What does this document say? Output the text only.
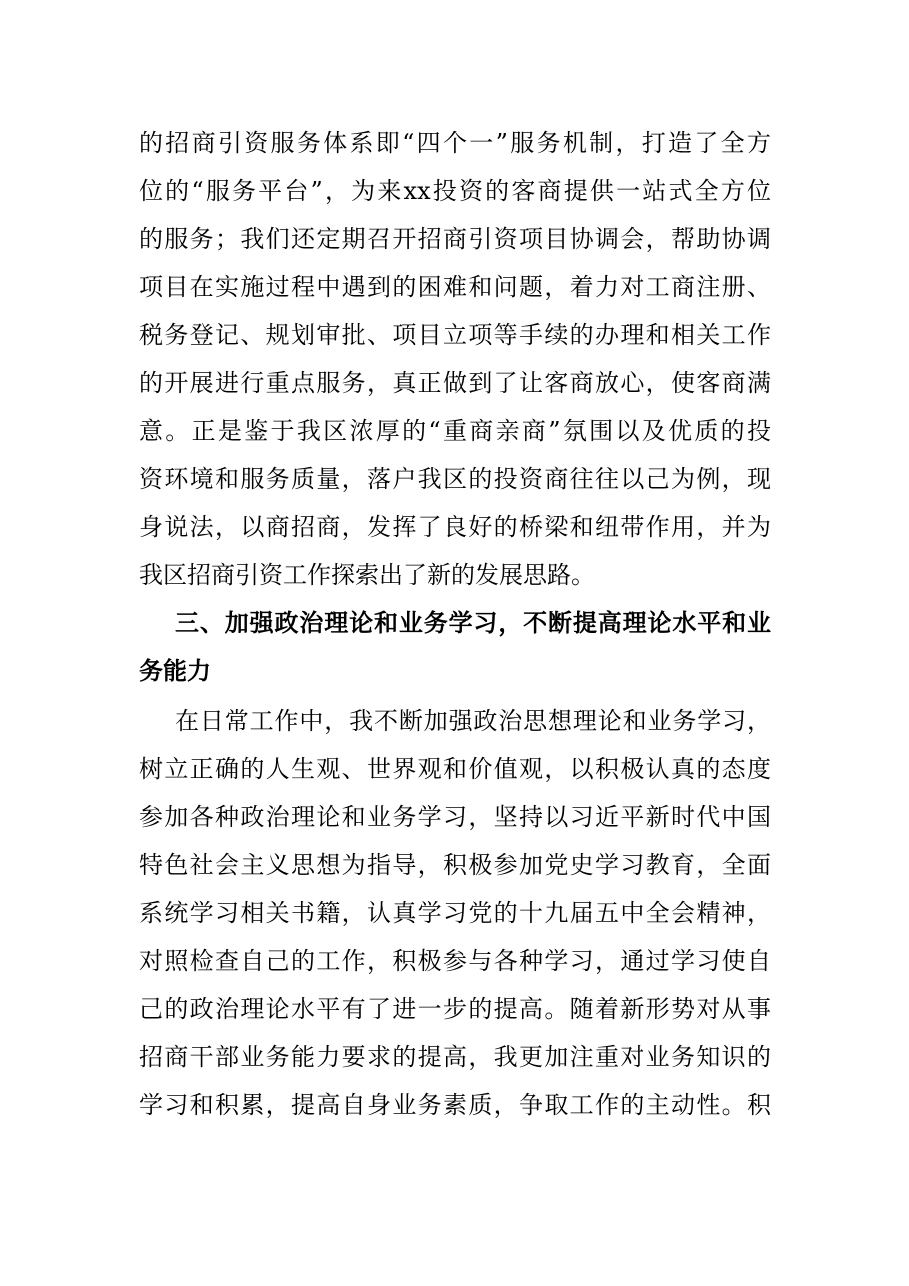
的招商引资服务体系即“四个一”服务机制，打造了全方
位的“服务平台”，为来xx投资的客商提供一站式全方位
的服务；我们还定期召开招商引资项目协调会，帮助协调
项目在实施过程中遇到的困难和问题，着力对工商注册、
税务登记、规划审批、项目立项等手续的办理和相关工作
的开展进行重点服务，真正做到了让客商放心，使客商满
意。正是鉴于我区浓厚的“重商亲商”氛围以及优质的投
资环境和服务质量，落户我区的投资商往往以己为例，现
身说法，以商招商，发挥了良好的桥梁和纽带作用，并为
我区招商引资工作探索出了新的发展思路。
三、加强政治理论和业务学习，不断提高理论水平和业
务能力
在日常工作中，我不断加强政治思想理论和业务学习，
树立正确的人生观、世界观和价值观，以积极认真的态度
参加各种政治理论和业务学习，坚持以习近平新时代中国
特色社会主义思想为指导，积极参加党史学习教育，全面
系统学习相关书籍，认真学习党的十九届五中全会精神，
对照检查自己的工作，积极参与各种学习，通过学习使自
己的政治理论水平有了进一步的提高。随着新形势对从事
招商干部业务能力要求的提高，我更加注重对业务知识的
学习和积累，提高自身业务素质，争取工作的主动性。积
